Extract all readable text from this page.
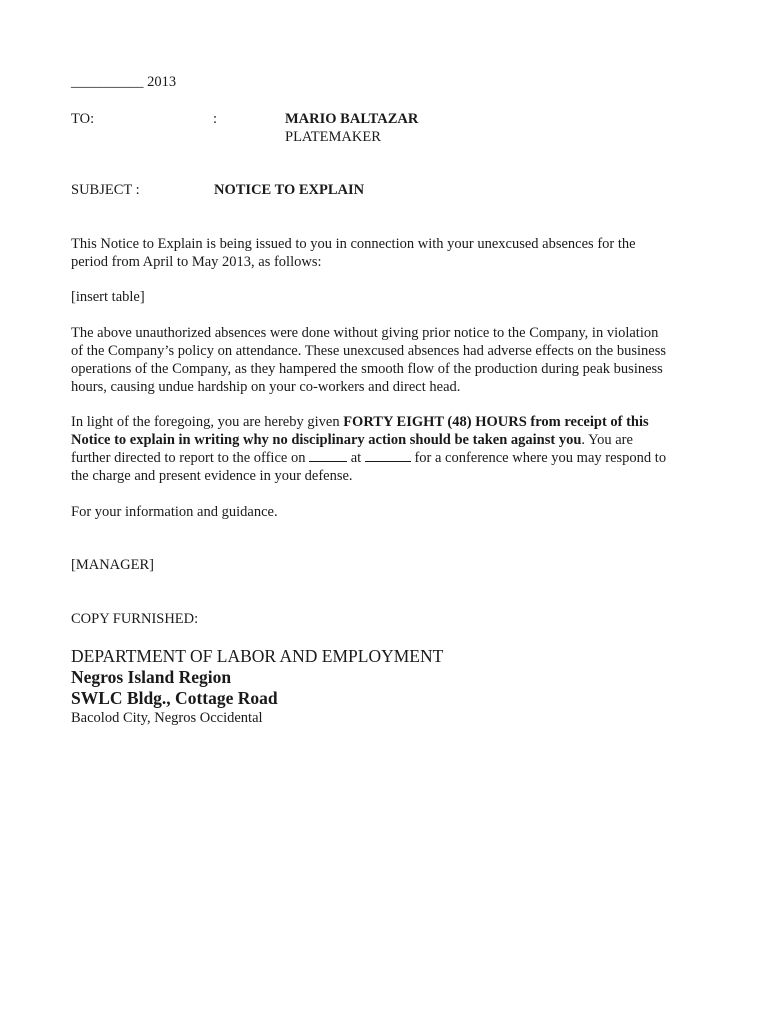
__________ 2013
TO:	:	MARIO BALTAZAR
PLATEMAKER
SUBJECT :	NOTICE TO EXPLAIN
This Notice to Explain is being issued to you in connection with your unexcused absences for the
period from April to May 2013, as follows:
[insert table]
The above unauthorized absences were done without giving prior notice to the Company, in violation
of the Company’s policy on attendance. These unexcused absences had adverse effects on the business
operations of the Company, as they hampered the smooth flow of the production during peak business
hours, causing undue hardship on your co-workers and direct head.
In light of the foregoing, you are hereby given FORTY EIGHT (48) HOURS from receipt of this
Notice to explain in writing why no disciplinary action should be taken against you. You are
further directed to report to the office on	at	for a conference where you may respond to
the charge and present evidence in your defense.
For your information and guidance.
[MANAGER]
COPY FURNISHED:
DEPARTMENT OF LABOR AND EMPLOYMENT
Negros Island Region
SWLC Bldg., Cottage Road
Bacolod City, Negros Occidental
